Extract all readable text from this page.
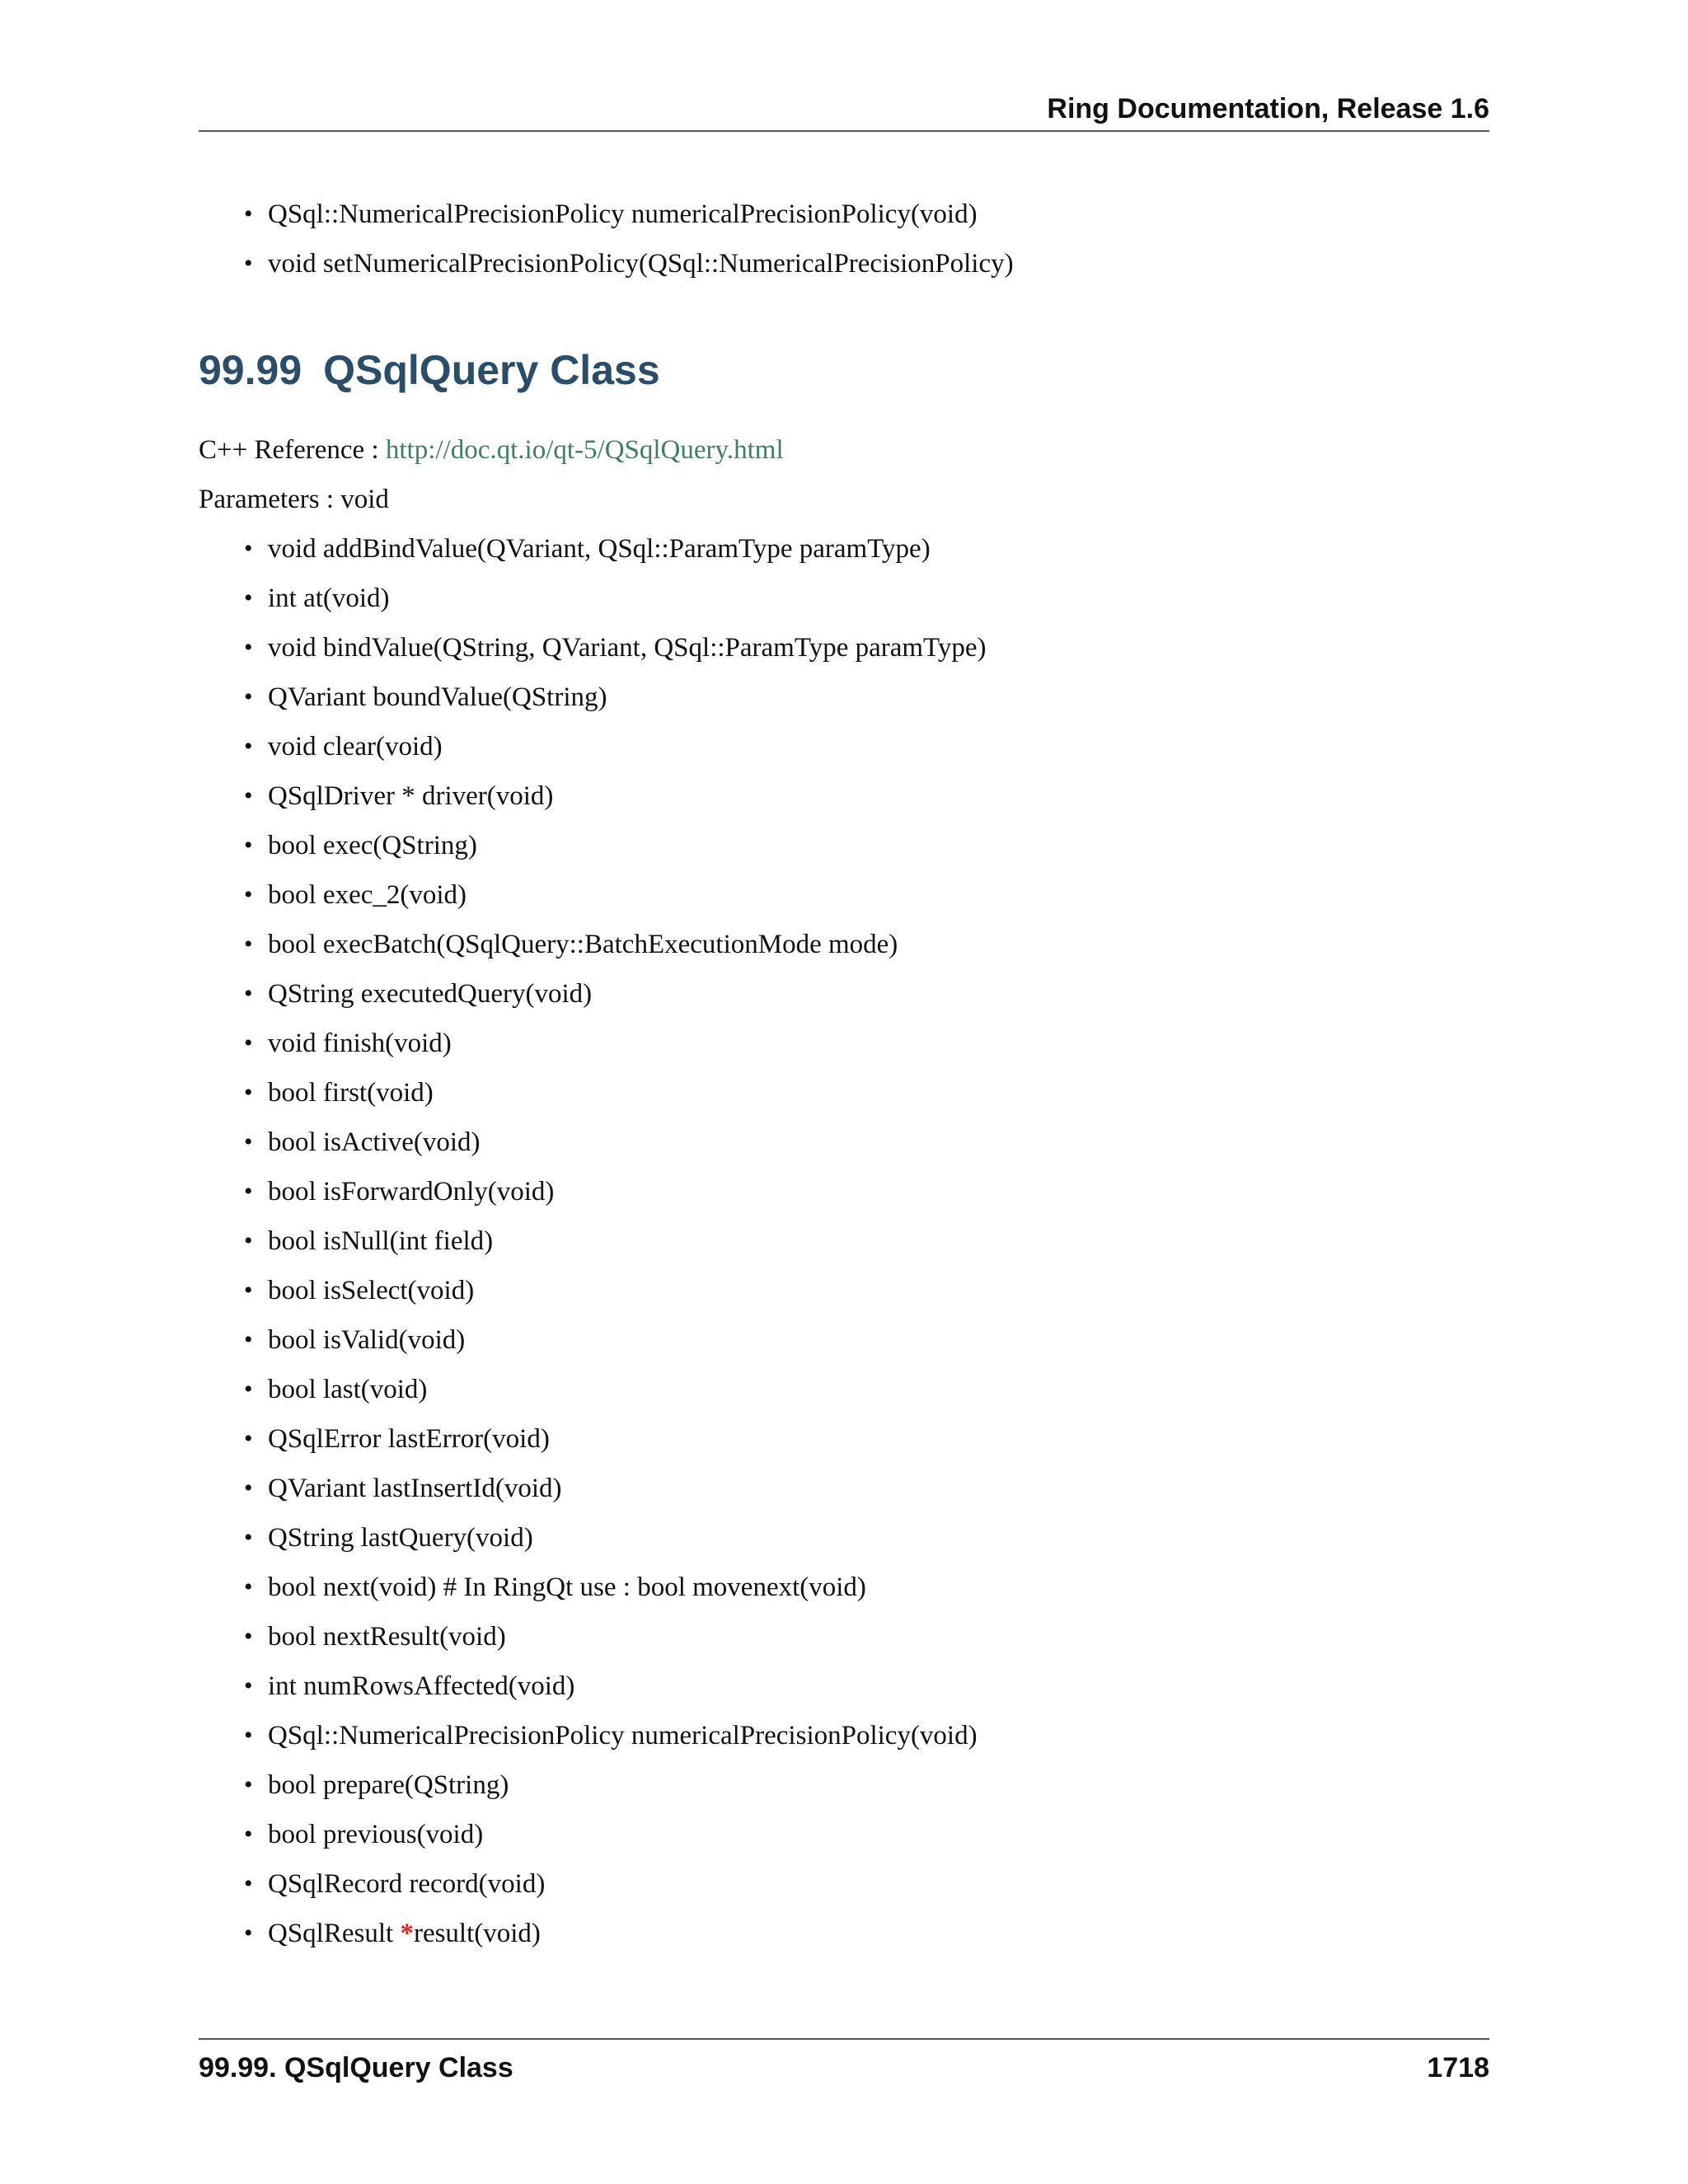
Ring Documentation, Release 1.6
• QSql::NumericalPrecisionPolicy numericalPrecisionPolicy(void)
• void setNumericalPrecisionPolicy(QSql::NumericalPrecisionPolicy)
99.99 QSqlQuery Class
C++ Reference : http://doc.qt.io/qt-5/QSqlQuery.html
Parameters : void
• void addBindValue(QVariant, QSql::ParamType paramType)
• int at(void)
• void bindValue(QString, QVariant, QSql::ParamType paramType)
• QVariant boundValue(QString)
• void clear(void)
• QSqlDriver * driver(void)
• bool exec(QString)
• bool exec_2(void)
• bool execBatch(QSqlQuery::BatchExecutionMode mode)
• QString executedQuery(void)
• void finish(void)
• bool first(void)
• bool isActive(void)
• bool isForwardOnly(void)
• bool isNull(int field)
• bool isSelect(void)
• bool isValid(void)
• bool last(void)
• QSqlError lastError(void)
• QVariant lastInsertId(void)
• QString lastQuery(void)
• bool next(void) # In RingQt use : bool movenext(void)
• bool nextResult(void)
• int numRowsAffected(void)
• QSql::NumericalPrecisionPolicy numericalPrecisionPolicy(void)
• bool prepare(QString)
• bool previous(void)
• QSqlRecord record(void)
• QSqlResult *result(void)
99.99. QSqlQuery Class	1718
